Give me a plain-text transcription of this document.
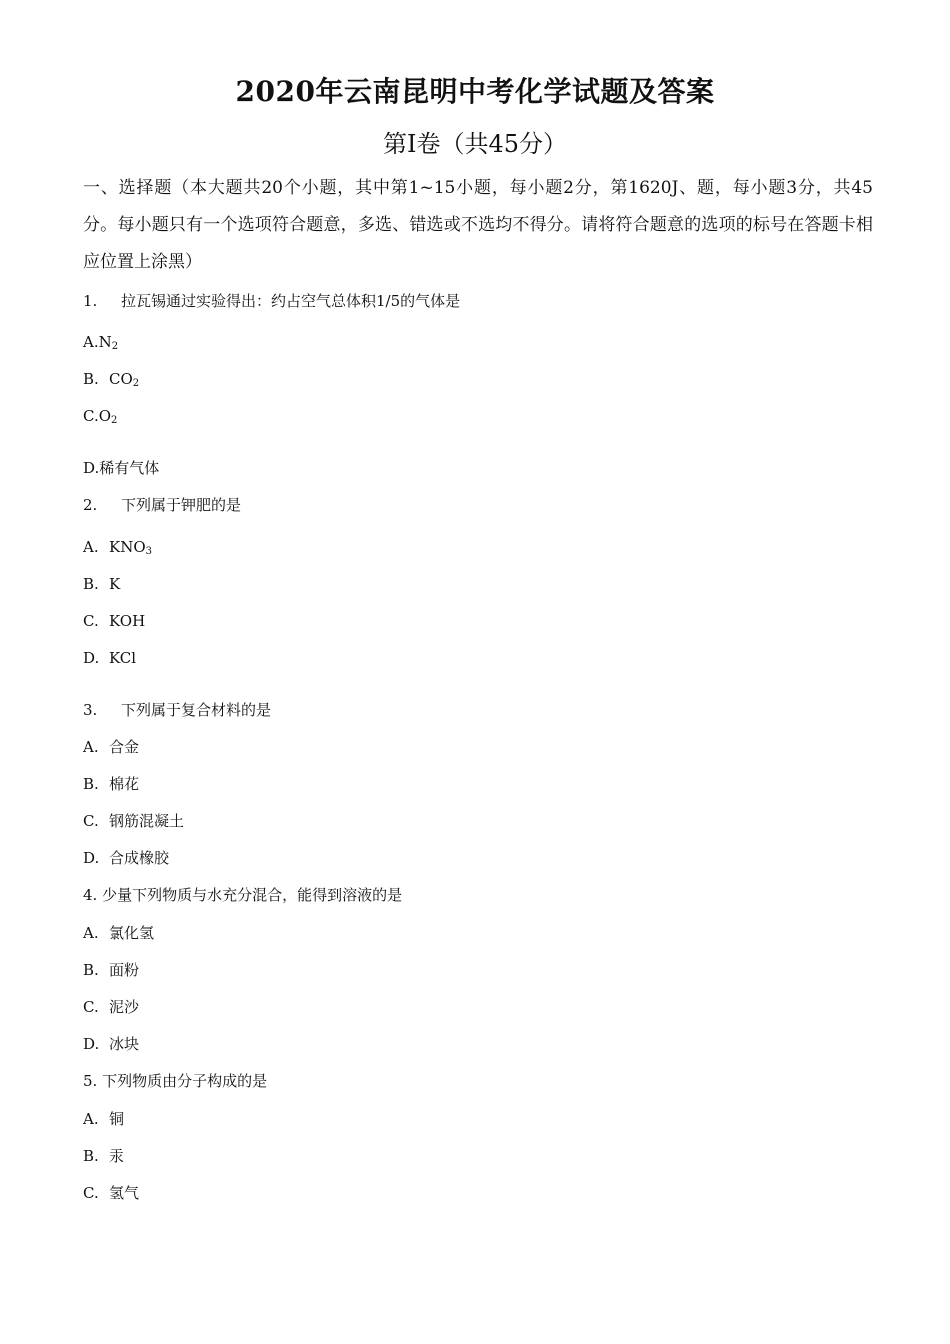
2020年云南昆明中考化学试题及答案
第I卷（共45分）
一、选择题（本大题共20个小题，其中第1~15小题，每小题2分，第1620J、题，每小题3分，共45分。每小题只有一个选项符合题意，多选、错选或不选均不得分。请将符合题意的选项的标号在答题卡相应位置上涂黑）
1. 拉瓦锡通过实验得出：约占空气总体积1/5的气体是
$A.N_2$
B. $CO_2$
$C.O_2$
D.稀有气体
2. 下列属于钾肥的是
A. $KNO_3$
B. K
C. KOH
D. KCl
3. 下列属于复合材料的是
A. 合金
B. 棉花
C. 钢筋混凝土
D. 合成橡胶
4. 少量下列物质与水充分混合，能得到溶液的是
A. 氯化氢
B. 面粉
C. 泥沙
D. 冰块
5. 下列物质由分子构成的是
A. 铜
B. 汞
C. 氢气
